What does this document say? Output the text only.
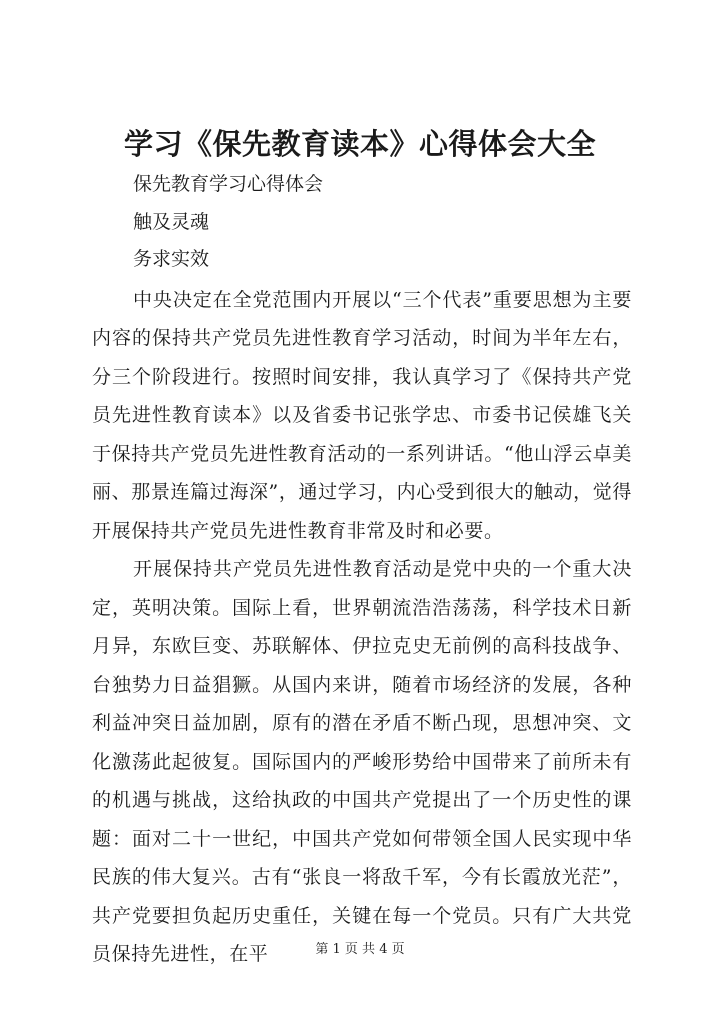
学习《保先教育读本》心得体会大全

保先教育学习心得体会

触及灵魂

务求实效

中央决定在全党范围内开展以“三个代表”重要思想为主要内容的保持共产党员先进性教育学习活动，时间为半年左右，分三个阶段进行。按照时间安排，我认真学习了《保持共产党员先进性教育读本》以及省委书记张学忠、市委书记侯雄飞关于保持共产党员先进性教育活动的一系列讲话。“他山浮云卓美丽、那景连篇过海深”，通过学习，内心受到很大的触动，觉得开展保持共产党员先进性教育非常及时和必要。

开展保持共产党员先进性教育活动是党中央的一个重大决定，英明决策。国际上看，世界朝流浩浩荡荡，科学技术日新月异，东欧巨变、苏联解体、伊拉克史无前例的高科技战争、台独势力日益猖獗。从国内来讲，随着市场经济的发展，各种利益冲突日益加剧，原有的潜在矛盾不断凸现，思想冲突、文化激荡此起彼复。国际国内的严峻形势给中国带来了前所未有的机遇与挑战，这给执政的中国共产党提出了一个历史性的课题：面对二十一世纪，中国共产党如何带领全国人民实现中华民族的伟大复兴。古有“张良一将敌千军，今有长霞放光茫”，共产党要担负起历史重任，关键在每一个党员。只有广大共党员保持先进性，在平	第 1 页 共 4 页
